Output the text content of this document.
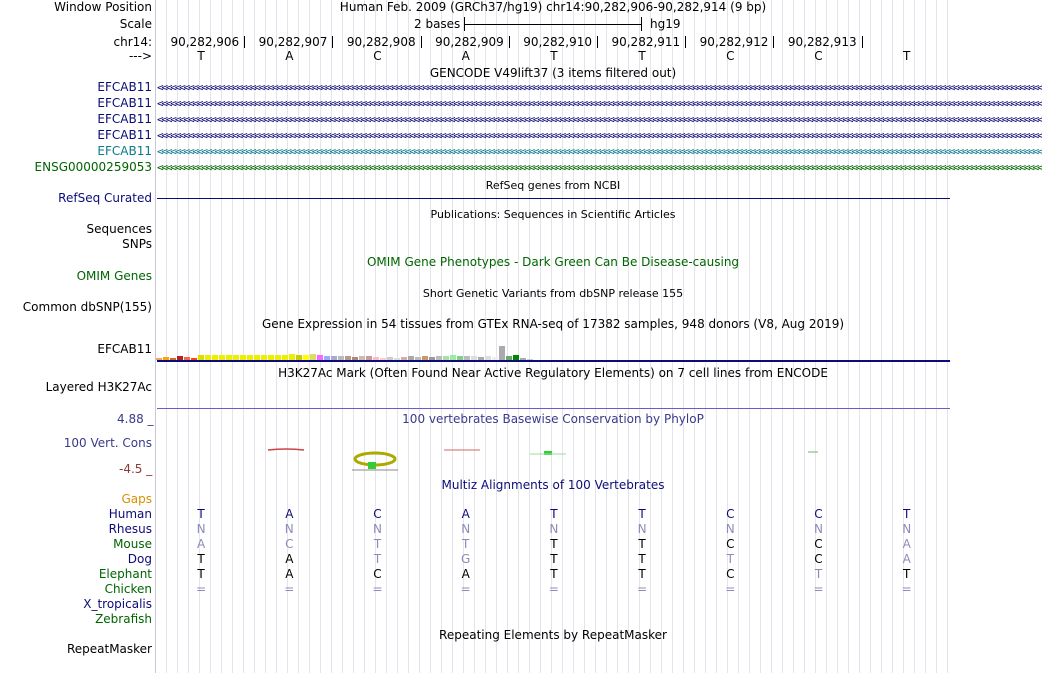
Window Position	Human Feb. 2009 (GRCh37/hg19) chr14:90,282,906-90,282,914 (9 bp)
Scale	2 bases	hg19
chr14:	90,282,906	90,282,907	90,282,908	90,282,909	90,282,910	90,282,911	90,282,912	90,282,913
--->	T	A	C	A	T	T	C	C	T
GENCODE V49lift37 (3 items filtered out)
EFCAB11 <<<<<<<<<<<<<<<<<<<<<<<<<<<<<<<<<<<<<<<<<<<<<<<<<<<<<<<<<<<<<<<<<<<<<<<<<<<<<<<<<<<<<<<<<<<<<<<<<<<<<<<<<<<<<<<<<<<<<<<<<<<<<<<<<<<<<<<<<<<<<<<<<<<<<<<<<<<<<<<<<<<<<<<<<<<<<<<<<<<<<<<<<<<<<<<<<<<<<<<<
EFCAB11 <<<<<<<<<<<<<<<<<<<<<<<<<<<<<<<<<<<<<<<<<<<<<<<<<<<<<<<<<<<<<<<<<<<<<<<<<<<<<<<<<<<<<<<<<<<<<<<<<<<<<<<<<<<<<<<<<<<<<<<<<<<<<<<<<<<<<<<<<<<<<<<<<<<<<<<<<<<<<<<<<<<<<<<<<<<<<<<<<<<<<<<<<<<<<<<<<<<<<<<<
EFCAB11 <<<<<<<<<<<<<<<<<<<<<<<<<<<<<<<<<<<<<<<<<<<<<<<<<<<<<<<<<<<<<<<<<<<<<<<<<<<<<<<<<<<<<<<<<<<<<<<<<<<<<<<<<<<<<<<<<<<<<<<<<<<<<<<<<<<<<<<<<<<<<<<<<<<<<<<<<<<<<<<<<<<<<<<<<<<<<<<<<<<<<<<<<<<<<<<<<<<<<<<<
EFCAB11 <<<<<<<<<<<<<<<<<<<<<<<<<<<<<<<<<<<<<<<<<<<<<<<<<<<<<<<<<<<<<<<<<<<<<<<<<<<<<<<<<<<<<<<<<<<<<<<<<<<<<<<<<<<<<<<<<<<<<<<<<<<<<<<<<<<<<<<<<<<<<<<<<<<<<<<<<<<<<<<<<<<<<<<<<<<<<<<<<<<<<<<<<<<<<<<<<<<<<<<<
EFCAB11 <<<<<<<<<<<<<<<<<<<<<<<<<<<<<<<<<<<<<<<<<<<<<<<<<<<<<<<<<<<<<<<<<<<<<<<<<<<<<<<<<<<<<<<<<<<<<<<<<<<<<<<<<<<<<<<<<<<<<<<<<<<<<<<<<<<<<<<<<<<<<<<<<<<<<<<<<<<<<<<<<<<<<<<<<<<<<<<<<<<<<<<<<<<<<<<<<<<<<<<<
ENSG00000259053 <<<<<<<<<<<<<<<<<<<<<<<<<<<<<<<<<<<<<<<<<<<<<<<<<<<<<<<<<<<<<<<<<<<<<<<<<<<<<<<<<<<<<<<<<<<<<<<<<<<<<<<<<<<<<<<<<<<<<<<<<<<<<<<<<<<<<<<<<<<<<<<<<<<<<<<<<<<<<<<<<<<<<<<<<<<<<<<<<<<<<<<<<<<<<<<<<<<<<<<<
RefSeq genes from NCBI
RefSeq Curated
Publications: Sequences in Scientific Articles
Sequences
SNPs
OMIM Gene Phenotypes - Dark Green Can Be Disease-causing
OMIM Genes
Short Genetic Variants from dbSNP release 155
Common dbSNP(155)
Gene Expression in 54 tissues from GTEx RNA-seq of 17382 samples, 948 donors (V8, Aug 2019)
EFCAB11
H3K27Ac Mark (Often Found Near Active Regulatory Elements) on 7 cell lines from ENCODE
Layered H3K27Ac
100 vertebrates Basewise Conservation by PhyloP
4.88 _
100 Vert. Cons
-4.5 _
Multiz Alignments of 100 Vertebrates
Gaps
Human	T	A	C	A	T	T	C	C	T
Rhesus	N	N	N	N	N	N	N	N	N
Mouse	A	C	T	T	T	T	C	C	A
Dog	T	A	T	G	T	T	T	C	A
Elephant	T	A	C	A	T	T	C	T	T
Chicken	=	=	=	=	=	=	=	=	=
X_tropicalis
Zebrafish
Repeating Elements by RepeatMasker
RepeatMasker
